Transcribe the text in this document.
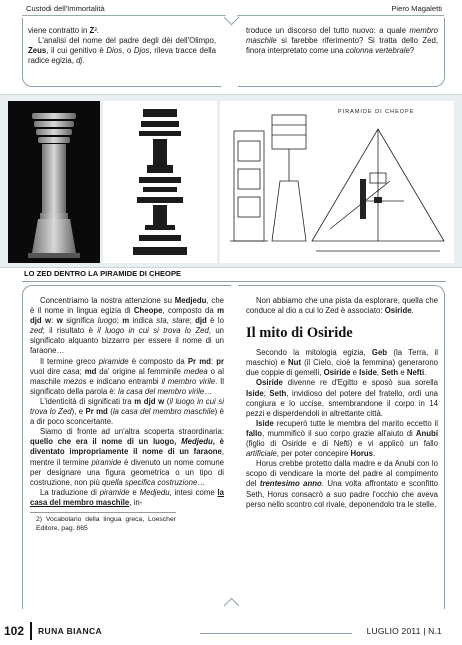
Custodi dell'Immortalità	Piero Magaletti

viene contratto in Z².

L'analisi del nome del padre degli dèi dell'Olimpo, Zeus, il cui genitivo è Dios, o Djos, rileva tracce della radice egizia, dj.

troduce un discorso del tutto nuovo: a quale membro maschile si farebbe riferimento? Si tratta dello Zed, finora interpretato come una colonna vertebrale?

PIRAMIDE DI CHEOPE
LO ZED DENTRO LA PIRAMIDE DI CHEOPE

Concentriamo la nostra attenzione su Medjedu, che è il nome in lingua egizia di Cheope, composto da m djd w: w significa luogo; m indica sta, stare; djd è lo zed; il risultato è il luogo in cui si trova lo Zed, un significato alquanto bizzarro per essere il nome di un faraone…

Il termine greco piramide è composto da Pr md: pr vuol dire casa; md da' origine al femminile medea o al maschile mezos e indicano entrambi il membro virile. Il significato della parola è: la casa del membro virile…

L'identicità di significati tra m djd w (il luogo in cui si trova lo Zed), e Pr md (la casa del membro maschile) è a dir poco sconcertante.

Siamo di fronte ad un'altra scoperta straordinaria: quello che era il nome di un luogo, Medjedu, è diventato impropriamente il nome di un faraone, mentre il termine piramide è divenuto un nome comune per designare una figura geometrica o un tipo di costruzione, non più quella specifica costruzione…

La traduzione di piramide e Medjedu, intesi come la casa del membro maschile, in-

2) Vocabolario della lingua greca, Loescher Editore, pag. 865

Non abbiamo che una pista da esplorare, quella che conduce al dio a cui lo Zed è associato: Osiride.

Il mito di Osiride

Secondo la mitologia egizia, Geb (la Terra, il maschio) e Nut (il Cielo, cioè la femmina) generarono due coppie di gemelli, Osiride e Iside, Seth e Nefti.

Osiride divenne re d'Egitto e sposò sua sorella Iside; Seth, invidioso del potere del fratello, ordì una congiura e lo uccise, smembrandone il corpo in 14 pezzi e disperdendoli in altrettante città.

Iside recuperò tutte le membra del marito eccetto il fallo, mummificò il suo corpo grazie all'aiuto di Anubi (figlio di Osiride e di Nefti) e vi applicò un fallo artificiale, per poter concepire Horus.

Horus crebbe protetto dalla madre e da Anubi con lo scopo di vendicare la morte del padre al compimento del trentesimo anno. Una volta affrontato e sconfitto Seth, Horus consacrò a suo padre l'occhio che aveva perso nello scontro col rivale, deponendolo tra le stelle.

102 RUNA BIANCA	LUGLIO 2011 | N.1
